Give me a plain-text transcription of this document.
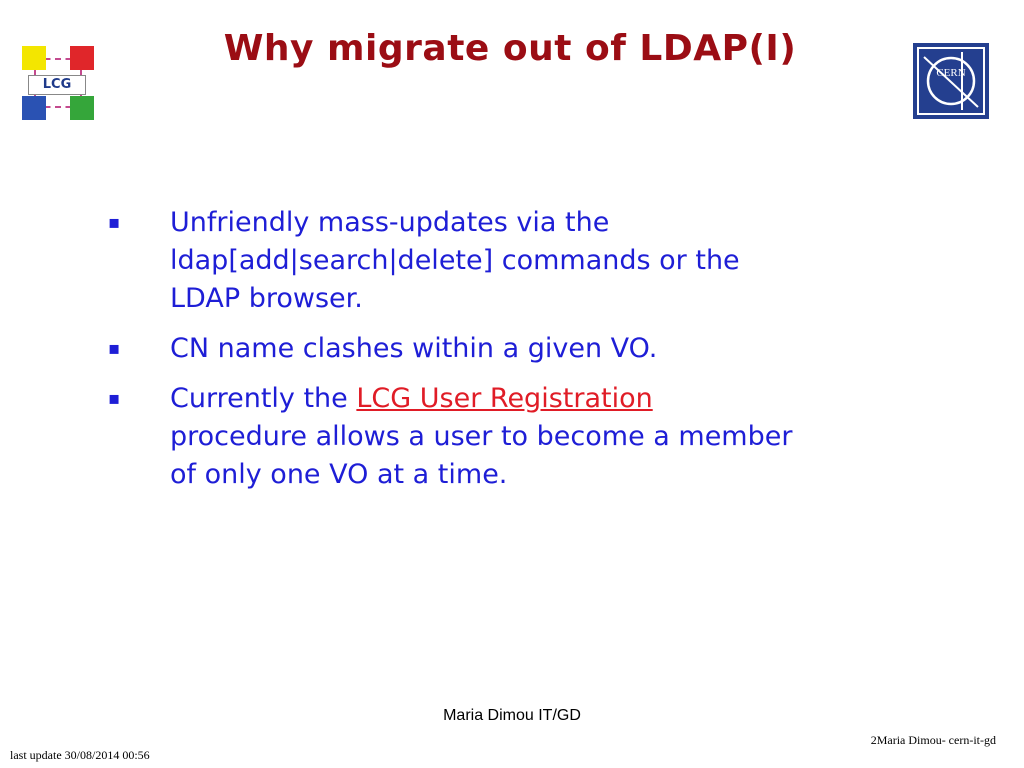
LCG
Why migrate out of LDAP(I)
CERN
▪ Unfriendly mass-updates via the
ldap[add|search|delete] commands or the
LDAP browser.
▪ CN name clashes within a given VO.
▪ Currently the LCG User Registration
procedure allows a user to become a member
of only one VO at a time.
Maria Dimou IT/GD
2Maria Dimou- cern-it-gd
last update 30/08/2014 00:56
